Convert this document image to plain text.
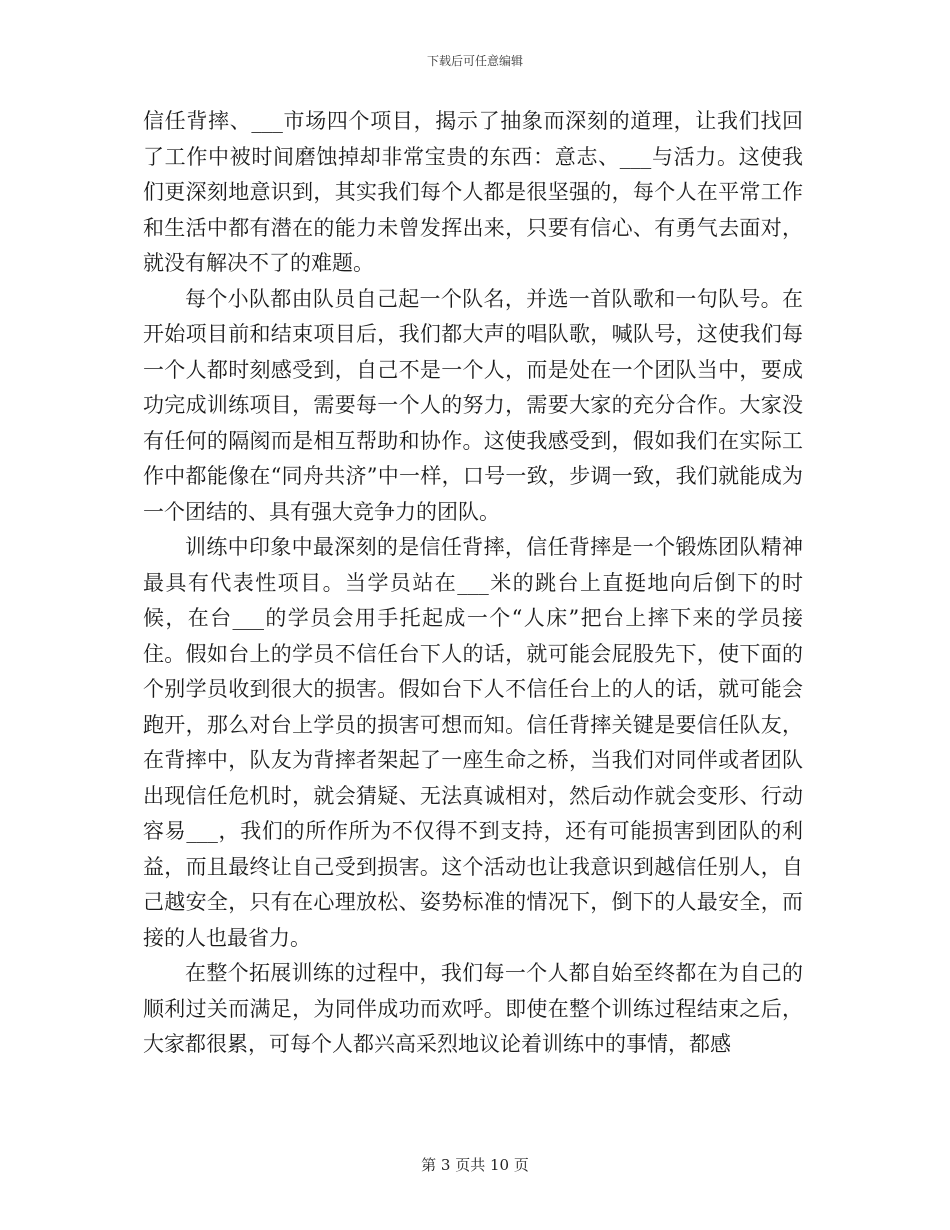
下载后可任意编辑

信任背摔、___市场四个项目，揭示了抽象而深刻的道理，让我们找回了工作中被时间磨蚀掉却非常宝贵的东西：意志、___与活力。这使我们更深刻地意识到，其实我们每个人都是很坚强的，每个人在平常工作和生活中都有潜在的能力未曾发挥出来，只要有信心、有勇气去面对，就没有解决不了的难题。

每个小队都由队员自己起一个队名，并选一首队歌和一句队号。在开始项目前和结束项目后，我们都大声的唱队歌，喊队号，这使我们每一个人都时刻感受到，自己不是一个人，而是处在一个团队当中，要成功完成训练项目，需要每一个人的努力，需要大家的充分合作。大家没有任何的隔阂而是相互帮助和协作。这使我感受到，假如我们在实际工作中都能像在“同舟共济”中一样，口号一致，步调一致，我们就能成为一个团结的、具有强大竞争力的团队。

训练中印象中最深刻的是信任背摔，信任背摔是一个锻炼团队精神最具有代表性项目。当学员站在___米的跳台上直挺地向后倒下的时候，在台___的学员会用手托起成一个“人床”把台上摔下来的学员接住。假如台上的学员不信任台下人的话，就可能会屁股先下，使下面的个别学员收到很大的损害。假如台下人不信任台上的人的话，就可能会跑开，那么对台上学员的损害可想而知。信任背摔关键是要信任队友，在背摔中，队友为背摔者架起了一座生命之桥，当我们对同伴或者团队出现信任危机时，就会猜疑、无法真诚相对，然后动作就会变形、行动容易___，我们的所作所为不仅得不到支持，还有可能损害到团队的利益，而且最终让自己受到损害。这个活动也让我意识到越信任别人，自己越安全，只有在心理放松、姿势标准的情况下，倒下的人最安全，而接的人也最省力。

在整个拓展训练的过程中，我们每一个人都自始至终都在为自己的顺利过关而满足，为同伴成功而欢呼。即使在整个训练过程结束之后，大家都很累，可每个人都兴高采烈地议论着训练中的事情，都感

第 3 页共 10 页
